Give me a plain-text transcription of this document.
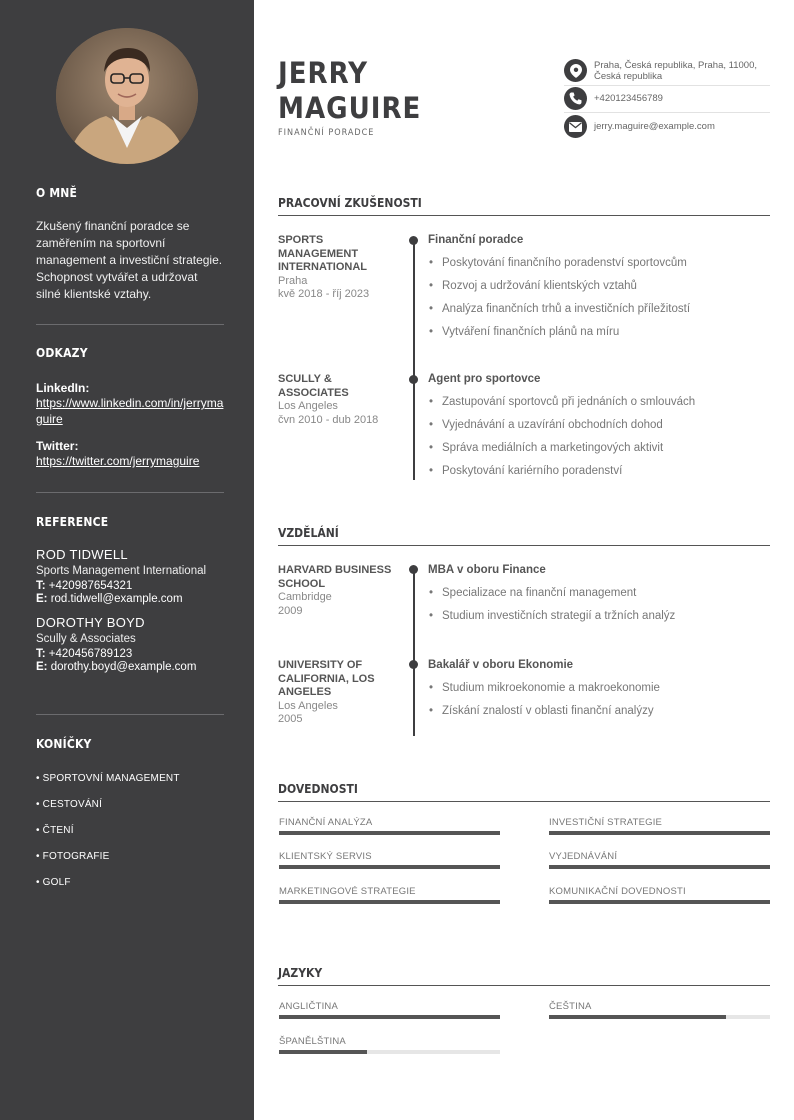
O MNĚ
Zkušený finanční poradce se zaměřením na sportovní management a investiční strategie. Schopnost vytvářet a udržovat silné klientské vztahy.
ODKAZY
LinkedIn:
https://www.linkedin.com/in/jerrymaguire
Twitter:
https://twitter.com/jerrymaguire
REFERENCE
ROD TIDWELL
Sports Management International
T: +420987654321
E: rod.tidwell@example.com
DOROTHY BOYD
Scully & Associates
T: +420456789123
E: dorothy.boyd@example.com
KONÍČKY
• SPORTOVNÍ MANAGEMENT
• CESTOVÁNÍ
• ČTENÍ
• FOTOGRAFIE
• GOLF
JERRY
MAGUIRE
FINANČNÍ PORADCE
Praha, Česká republika, Praha, 11000, Česká republika
+420123456789
jerry.maguire@example.com
PRACOVNÍ ZKUŠENOSTI
SPORTS MANAGEMENT INTERNATIONAL
Praha
kvě 2018 - říj 2023
Finanční poradce
• Poskytování finančního poradenství sportovcům
• Rozvoj a udržování klientských vztahů
• Analýza finančních trhů a investičních příležitostí
• Vytváření finančních plánů na míru
SCULLY & ASSOCIATES
Los Angeles
čvn 2010 - dub 2018
Agent pro sportovce
• Zastupování sportovců při jednáních o smlouvách
• Vyjednávání a uzavírání obchodních dohod
• Správa mediálních a marketingových aktivit
• Poskytování kariérního poradenství
VZDĚLÁNÍ
HARVARD BUSINESS SCHOOL
Cambridge
2009
MBA v oboru Finance
• Specializace na finanční management
• Studium investičních strategií a tržních analýz
UNIVERSITY OF CALIFORNIA, LOS ANGELES
Los Angeles
2005
Bakalář v oboru Ekonomie
• Studium mikroekonomie a makroekonomie
• Získání znalostí v oblasti finanční analýzy
DOVEDNOSTI
FINANČNÍ ANALÝZA	INVESTIČNÍ STRATEGIE
KLIENTSKÝ SERVIS	VYJEDNÁVÁNÍ
MARKETINGOVÉ STRATEGIE	KOMUNIKAČNÍ DOVEDNOSTI
JAZYKY
ANGLIČTINA	ČEŠTINA
ŠPANĚLŠTINA
